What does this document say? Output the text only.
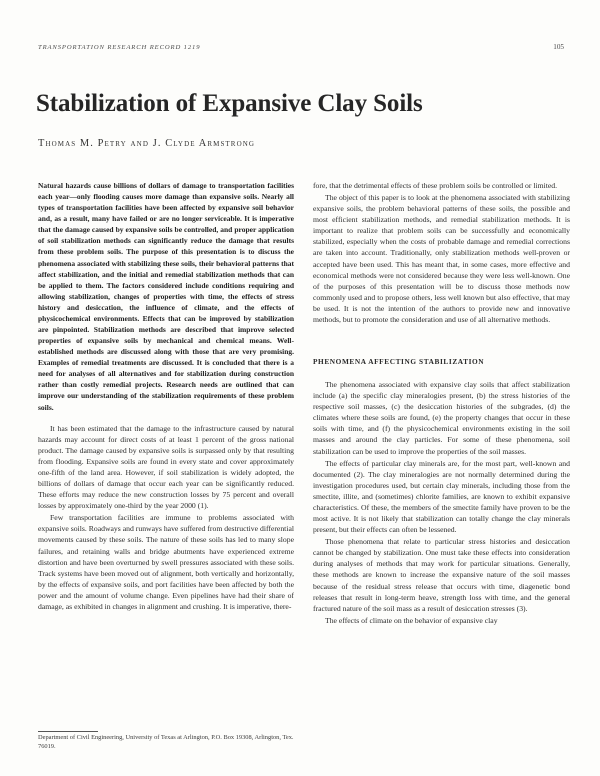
TRANSPORTATION RESEARCH RECORD 1219	105
Stabilization of Expansive Clay Soils
Thomas M. Petry and J. Clyde Armstrong

Natural hazards cause billions of dollars of damage to transportation facilities each year—only flooding causes more damage than expansive soils. Nearly all types of transportation facilities have been affected by expansive soil behavior and, as a result, many have failed or are no longer serviceable. It is imperative that the damage caused by expansive soils be controlled, and proper application of soil stabilization methods can significantly reduce the damage that results from these problem soils. The purpose of this presentation is to discuss the phenomena associated with stabilizing these soils, their behavioral patterns that affect stabilization, and the initial and remedial stabilization methods that can be applied to them. The factors considered include conditions requiring and allowing stabilization, changes of properties with time, the effects of stress history and desiccation, the influence of climate, and the effects of physicochemical environments. Effects that can be improved by stabilization are pinpointed. Stabilization methods are described that improve selected properties of expansive soils by mechanical and chemical means. Well-established methods are discussed along with those that are very promising. Examples of remedial treatments are discussed. It is concluded that there is a need for analyses of all alternatives and for stabilization during construction rather than costly remedial projects. Research needs are outlined that can improve our understanding of the stabilization requirements of these problem soils.

It has been estimated that the damage to the infrastructure caused by natural hazards may account for direct costs of at least 1 percent of the gross national product. The damage caused by expansive soils is surpassed only by that resulting from flooding. Expansive soils are found in every state and cover approximately one-fifth of the land area. However, if soil stabilization is widely adopted, the billions of dollars of damage that occur each year can be significantly reduced. These efforts may reduce the new construction losses by 75 percent and overall losses by approximately one-third by the year 2000 (1).

Few transportation facilities are immune to problems associated with expansive soils. Roadways and runways have suffered from destructive differential movements caused by these soils. The nature of these soils has led to many slope failures, and retaining walls and bridge abutments have experienced extreme distortion and have been overturned by swell pressures associated with these soils. Track systems have been moved out of alignment, both vertically and horizontally, by the effects of expansive soils, and port facilities have been affected by both the power and the amount of volume change. Even pipelines have had their share of damage, as exhibited in changes in alignment and crushing. It is imperative, there-

fore, that the detrimental effects of these problem soils be controlled or limited.

The object of this paper is to look at the phenomena associated with stabilizing expansive soils, the problem behavioral patterns of these soils, the possible and most efficient stabilization methods, and remedial stabilization methods. It is important to realize that problem soils can be successfully and economically stabilized, especially when the costs of probable damage and remedial corrections are taken into account. Traditionally, only stabilization methods well-proven or accepted have been used. This has meant that, in some cases, more effective and economical methods were not considered because they were less well-known. One of the purposes of this presentation will be to discuss those methods now commonly used and to propose others, less well known but also effective, that may be used. It is not the intention of the authors to provide new and innovative methods, but to promote the consideration and use of all alternative methods.

PHENOMENA AFFECTING STABILIZATION

The phenomena associated with expansive clay soils that affect stabilization include (a) the specific clay mineralogies present, (b) the stress histories of the respective soil masses, (c) the desiccation histories of the subgrades, (d) the climates where these soils are found, (e) the property changes that occur in these soils with time, and (f) the physicochemical environments existing in the soil masses and around the clay particles. For some of these phenomena, soil stabilization can be used to improve the properties of the soil masses.

The effects of particular clay minerals are, for the most part, well-known and documented (2). The clay mineralogies are not normally determined during the investigation procedures used, but certain clay minerals, including those from the smectite, illite, and (sometimes) chlorite families, are known to exhibit expansive characteristics. Of these, the members of the smectite family have proven to be the most active. It is not likely that stabilization can totally change the clay minerals present, but their effects can often be lessened.

Those phenomena that relate to particular stress histories and desiccation cannot be changed by stabilization. One must take these effects into consideration during analyses of methods that may work for particular situations. Generally, these methods are known to increase the expansive nature of the soil masses because of the residual stress release that occurs with time, diagenetic bond releases that result in long-term heave, strength loss with time, and the general fractured nature of the soil mass as a result of desiccation stresses (3).

The effects of climate on the behavior of expansive clay

Department of Civil Engineering, University of Texas at Arlington, P.O. Box 19308, Arlington, Tex. 76019.
